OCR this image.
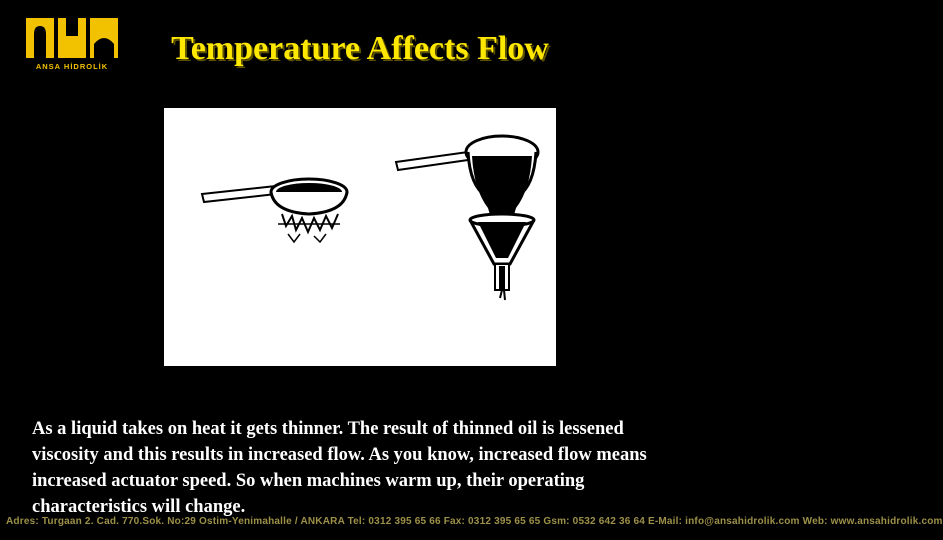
ANSA HİDROLİK	Temperature Affects Flow
As a liquid takes on heat it gets thinner. The result of thinned oil is lessened viscosity and this results in increased flow. As you know, increased flow means increased actuator speed. So when machines warm up, their operating characteristics will change.
Adres: Turgaan 2. Cad. 770.Sok. No:29 Ostim-Yenimahalle / ANKARA Tel: 0312 395 65 66 Fax: 0312 395 65 65 Gsm: 0532 642 36 64 E-Mail: info@ansahidrolik.com Web: www.ansahidrolik.com
